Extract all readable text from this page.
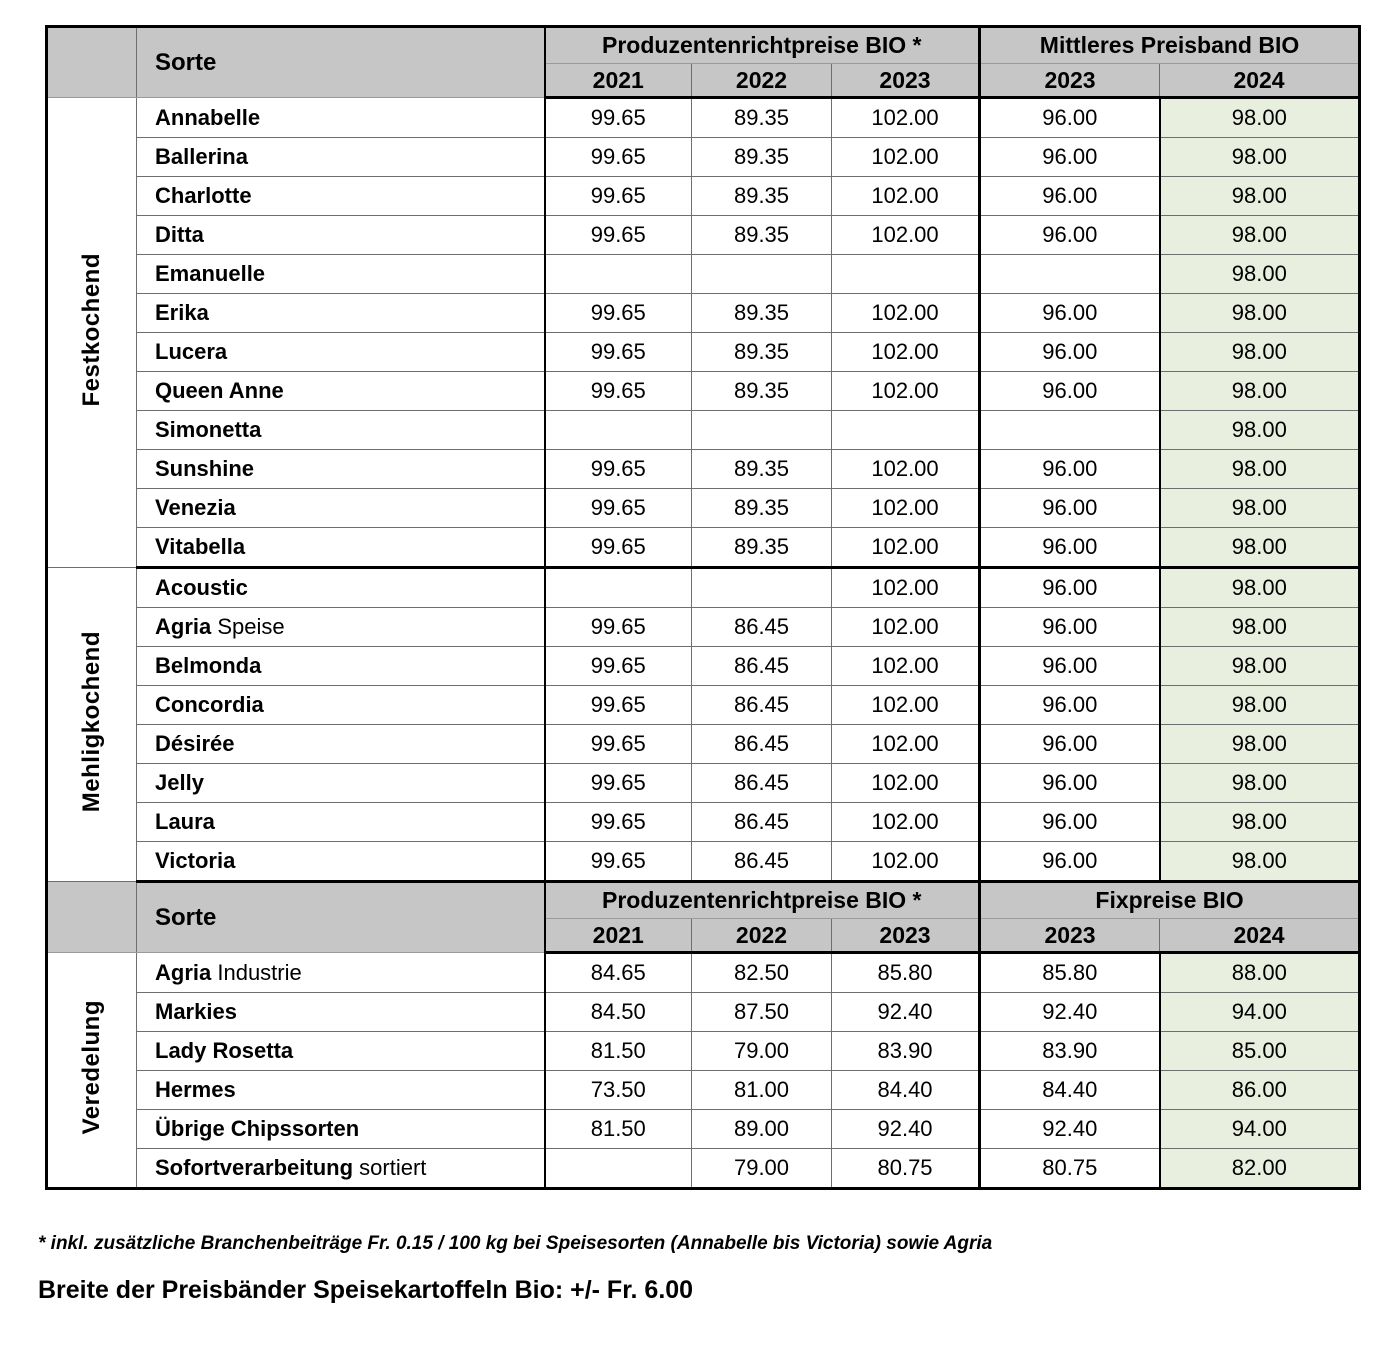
	Sorte	Produzentenrichtpreise BIO *			Mittleres Preisband BIO	
		2021	2022	2023	2023	2024
Festkochend	Annabelle	99.65	89.35	102.00	96.00	98.00
	Ballerina	99.65	89.35	102.00	96.00	98.00
	Charlotte	99.65	89.35	102.00	96.00	98.00
	Ditta	99.65	89.35	102.00	96.00	98.00
	Emanuelle					98.00
	Erika	99.65	89.35	102.00	96.00	98.00
	Lucera	99.65	89.35	102.00	96.00	98.00
	Queen Anne	99.65	89.35	102.00	96.00	98.00
	Simonetta					98.00
	Sunshine	99.65	89.35	102.00	96.00	98.00
	Venezia	99.65	89.35	102.00	96.00	98.00
	Vitabella	99.65	89.35	102.00	96.00	98.00
Mehligkochend	Acoustic			102.00	96.00	98.00
	Agria Speise	99.65	86.45	102.00	96.00	98.00
	Belmonda	99.65	86.45	102.00	96.00	98.00
	Concordia	99.65	86.45	102.00	96.00	98.00
	Désirée	99.65	86.45	102.00	96.00	98.00
	Jelly	99.65	86.45	102.00	96.00	98.00
	Laura	99.65	86.45	102.00	96.00	98.00
	Victoria	99.65	86.45	102.00	96.00	98.00
	Sorte	Produzentenrichtpreise BIO *			Fixpreise BIO	
		2021	2022	2023	2023	2024
Veredelung	Agria Industrie	84.65	82.50	85.80	85.80	88.00
	Markies	84.50	87.50	92.40	92.40	94.00
	Lady Rosetta	81.50	79.00	83.90	83.90	85.00
	Hermes	73.50	81.00	84.40	84.40	86.00
	Übrige Chipssorten	81.50	89.00	92.40	92.40	94.00
	Sofortverarbeitung sortiert		79.00	80.75	80.75	82.00
* inkl. zusätzliche Branchenbeiträge Fr. 0.15 / 100 kg bei Speisesorten (Annabelle bis Victoria) sowie Agria
Breite der Preisbänder Speisekartoffeln Bio: +/- Fr. 6.00
